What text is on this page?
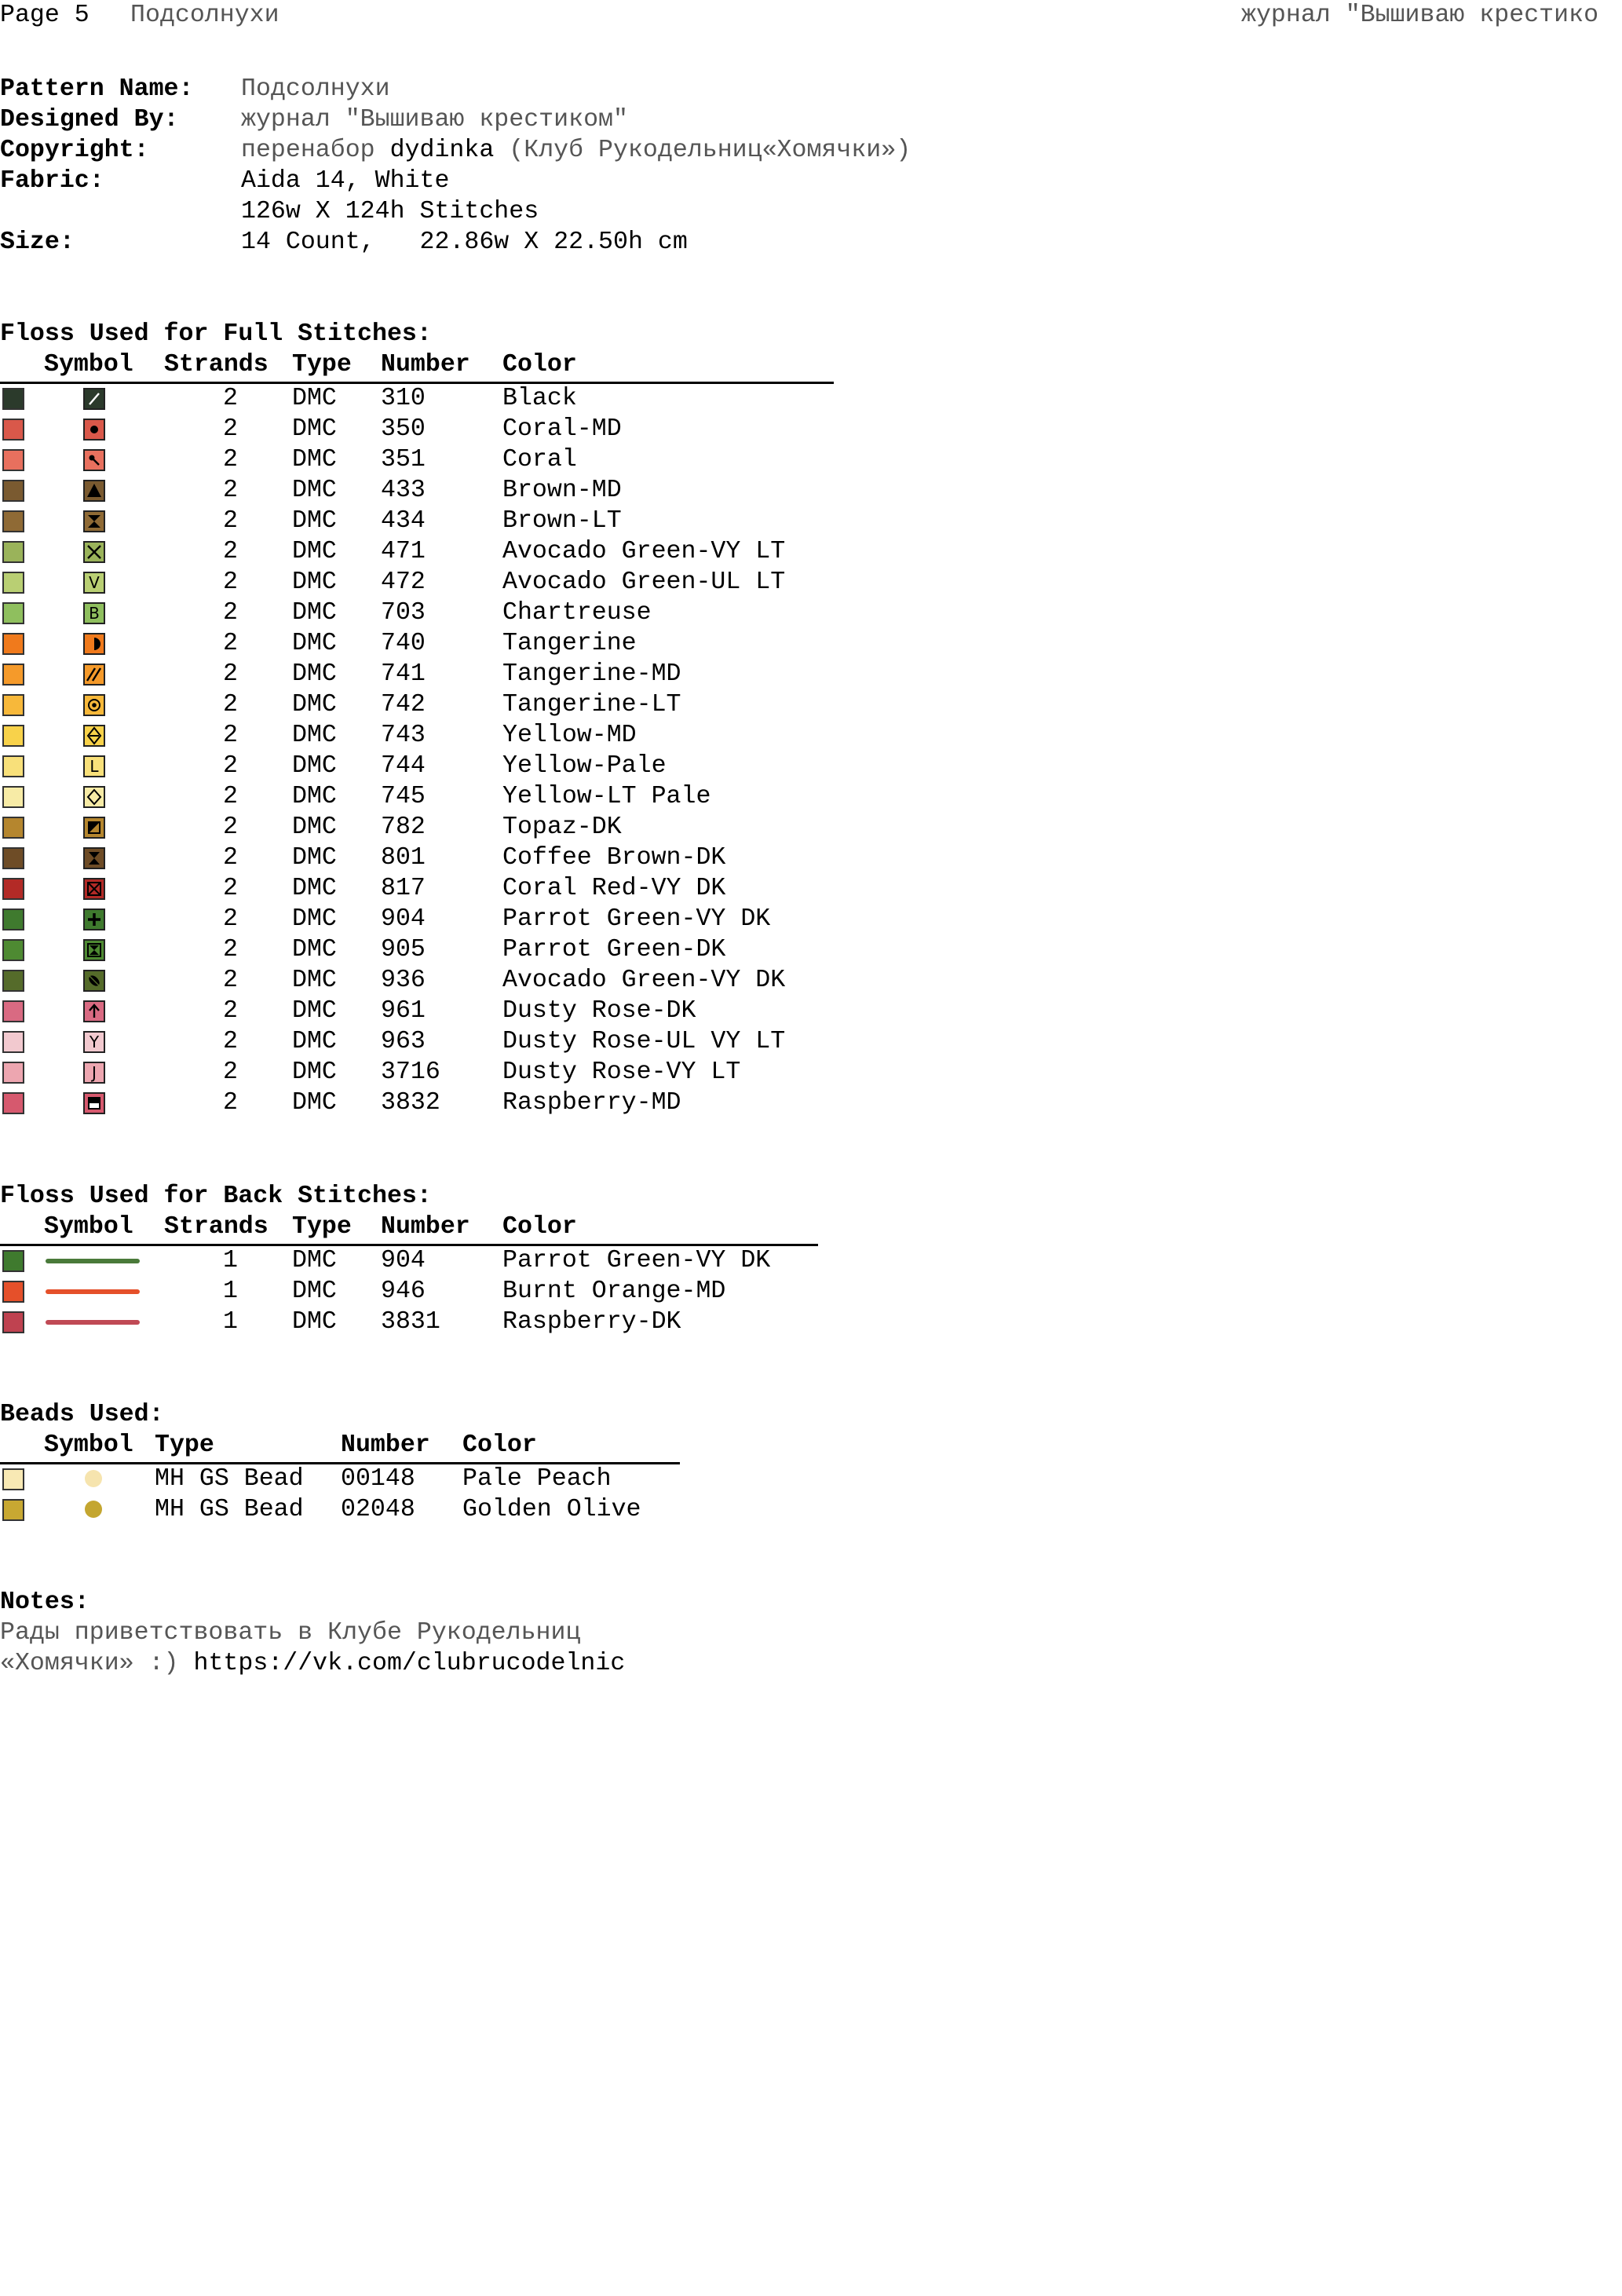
Page 5 Подсолнухи	журнал "Вышиваю крестико
Pattern Name: Подсолнухи
Designed By:	журнал "Вышиваю крестиком"
Copyright:	перенабор dydinka (Клуб Рукодельниц«Хомячки»)
Fabric:	Aida 14, White
126w X 124h Stitches
Size:	14 Count,   22.86w X 22.50h cm
Floss Used for Full Stitches:
Symbol Strands Type Number Color
2 DMC 310	Black
2 DMC 350	Coral-MD
2 DMC 351	Coral
2 DMC 433	Brown-MD
2 DMC 434	Brown-LT
2 DMC 471	Avocado Green-VY LT
V	2 DMC 472	Avocado Green-UL LT
B	2 DMC 703	Chartreuse
2 DMC 740	Tangerine
2 DMC 741	Tangerine-MD
2 DMC 742	Tangerine-LT
2 DMC 743	Yellow-MD
L	2 DMC 744	Yellow-Pale
2 DMC 745	Yellow-LT Pale
2 DMC 782	Topaz-DK
2 DMC 801	Coffee Brown-DK
2 DMC 817	Coral Red-VY DK
2 DMC 904	Parrot Green-VY DK
2 DMC 905	Parrot Green-DK
2 DMC 936	Avocado Green-VY DK
2 DMC 961	Dusty Rose-DK
Y	2 DMC 963	Dusty Rose-UL VY LT
J	2 DMC 3716	Dusty Rose-VY LT
2 DMC 3832	Raspberry-MD
Floss Used for Back Stitches:
Symbol Strands Type Number Color
1 DMC 904	Parrot Green-VY DK
1 DMC 946	Burnt Orange-MD
1 DMC 3831	Raspberry-DK
Beads Used:
Symbol Type	Number Color
MH GS Bead 00148 Pale Peach
MH GS Bead 02048 Golden Olive
Notes:
Рады приветствовать в Клубе Рукодельниц
«Хомячки» :) https://vk.com/clubrucodelnic
